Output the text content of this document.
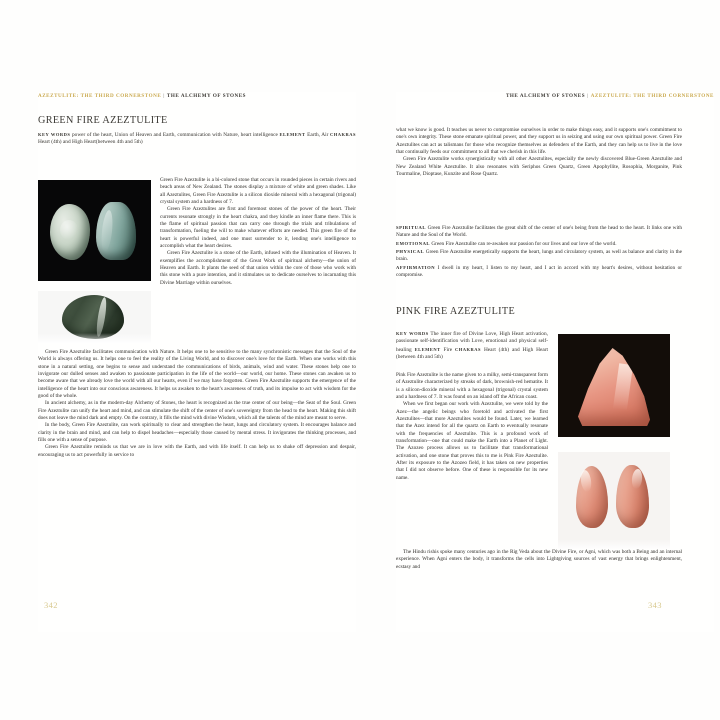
AZEZTULITE: THE THIRD CORNERSTONE | THE ALCHEMY OF STONES
GREEN FIRE AZEZTULITE
KEY WORDS power of the heart, Union of Heaven and Earth, communication with Nature, heart intelligence ELEMENT Earth, Air CHAKRAS Heart (4th) and High Heart(between 4th and 5th)

Green Fire Azeztulite is a bi-colored stone that occurs in rounded pieces in certain rivers and beach areas of New Zealand. The stones display a mixture of white and green shades. Like all Azeztulites, Green Fire Azeztulite is a silicon dioxide mineral with a hexagonal (trigonal) crystal system and a hardness of 7.

Green Fire Azeztulites are first and foremost stones of the power of the heart. Their currents resonate strongly in the heart chakra, and they kindle an inner flame there. This is the flame of spiritual passion that can carry one through the trials and tribulations of transformation, fueling the will to make whatever efforts are needed. This green fire of the heart is powerful indeed, and one must surrender to it, lending one's intelligence to accomplish what the heart desires.

Green Fire Azeztulite is a stone of the Earth, infused with the illumination of Heaven. It exemplifies the accomplishment of the Great Work of spiritual alchemy—the union of Heaven and Earth. It plants the seed of that union within the core of those who work with this stone with a pure intention, and it stimulates us to dedicate ourselves to incarnating this Divine Marriage within ourselves.

Green Fire Azeztulite facilitates communication with Nature. It helps one to be sensitive to the many synchronistic messages that the Soul of the World is always offering us. It helps one to feel the reality of the Living World, and to discover one's love for the Earth. When one works with this stone in a natural setting, one begins to sense and understand the communications of birds, animals, wind and water. These stones help one to invigorate our dulled senses and awaken to passionate participation in the life of the world—our world, our home. These stones can awaken us to become aware that we already love the world with all our hearts, even if we may have forgotten. Green Fire Azeztulite supports the emergence of the intelligence of the heart into our conscious awareness. It helps us awaken to the heart's awareness of truth, and its impulse to act with wisdom for the good of the whole.

In ancient alchemy, as in the modern-day Alchemy of Stones, the heart is recognized as the true center of our being—the Seat of the Soul. Green Fire Azeztulite can unify the heart and mind, and can stimulate the shift of the center of one's sovereignty from the head to the heart. Making this shift does not leave the mind dark and empty. On the contrary, it fills the mind with divine Wisdom, which all the talents of the mind are meant to serve.

In the body, Green Fire Azeztulite, can work spiritually to clear and strengthen the heart, lungs and circulatory system. It encourages balance and clarity in the brain and mind, and can help to dispel headaches—especially those caused by mental stress. It invigorates the thinking processes, and fills one with a sense of purpose.

Green Fire Azeztulite reminds us that we are in love with the Earth, and with life itself. It can help us to shake off depression and despair, encouraging us to act powerfully in service to

342
THE ALCHEMY OF STONES | AZEZTULITE: THE THIRD CORNERSTONE

what we know is good. It teaches us never to compromise ourselves in order to make things easy, and it supports one's commitment to one's own integrity. These stone emanate spiritual power, and they support us in seizing and using our own spiritual power. Green Fire Azeztulites can act as talismans for those who recognize themselves as defenders of the Earth, and they can help us to live in the love that continually feeds our commitment to all that we cherish in this life.

Green Fire Azeztulite works synergistically with all other Azeztulites, especially the newly discovered Blue-Green Azeztulite and New Zealand White Azeztulite. It also resonates with Seriphos Green Quartz, Green Apophyllite, Rosophia, Morganite, Pink Tourmaline, Dioptase, Kunzite and Rose Quartz.

SPIRITUAL Green Fire Azeztulite facilitates the great shift of the center of one's being from the head to the heart. It links one with Nature and the Soul of the World.
EMOTIONAL Green Fire Azeztulite can re-awaken our passion for our lives and our love of the world.
PHYSICAL Green Fire Azeztulite energetically supports the heart, lungs and circulatory system, as well as balance and clarity in the brain.
AFFIRMATION I dwell in my heart, I listen to my heart, and I act in accord with my heart's desires, without hesitation or compromise.
PINK FIRE AZEZTULITE
KEY WORDS The inner fire of Divine Love, High Heart activation, passionate self-identification with Love, emotional and physical self-healing ELEMENT Fire CHAKRAS Heart (4th) and High Heart (between 4th and 5th)

Pink Fire Azeztulite is the name given to a milky, semi-transparent form of Azeztulite characterized by streaks of dark, brownish-red hematite. It is a silicon-dioxide mineral with a hexagonal (trigonal) crystal system and a hardness of 7. It was found on an island off the African coast.

When we first began our work with Azeztulite, we were told by the Azez—the angelic beings who foretold and activated the first Azeztulites—that more Azeztulites would be found. Later, we learned that the Azez intend for all the quartz on Earth to eventually resonate with the frequencies of Azeztulite. This is a profound work of transformation—one that could make the Earth into a Planet of Light. The Azozeo process allows us to facilitate that transformational activation, and one stone that proves this to me is Pink Fire Azeztulite. After its exposure to the Azozeo field, it has taken on new properties that I did not observe before. One of these is responsible for its new name.

The Hindu rishis spoke many centuries ago in the Rig Veda about the Divine Fire, or Agni, which was both a Being and an internal experience. When Agni enters the body, it transforms the cells into Lightgiving sources of vast energy that brings enlightenment, ecstasy and

343
